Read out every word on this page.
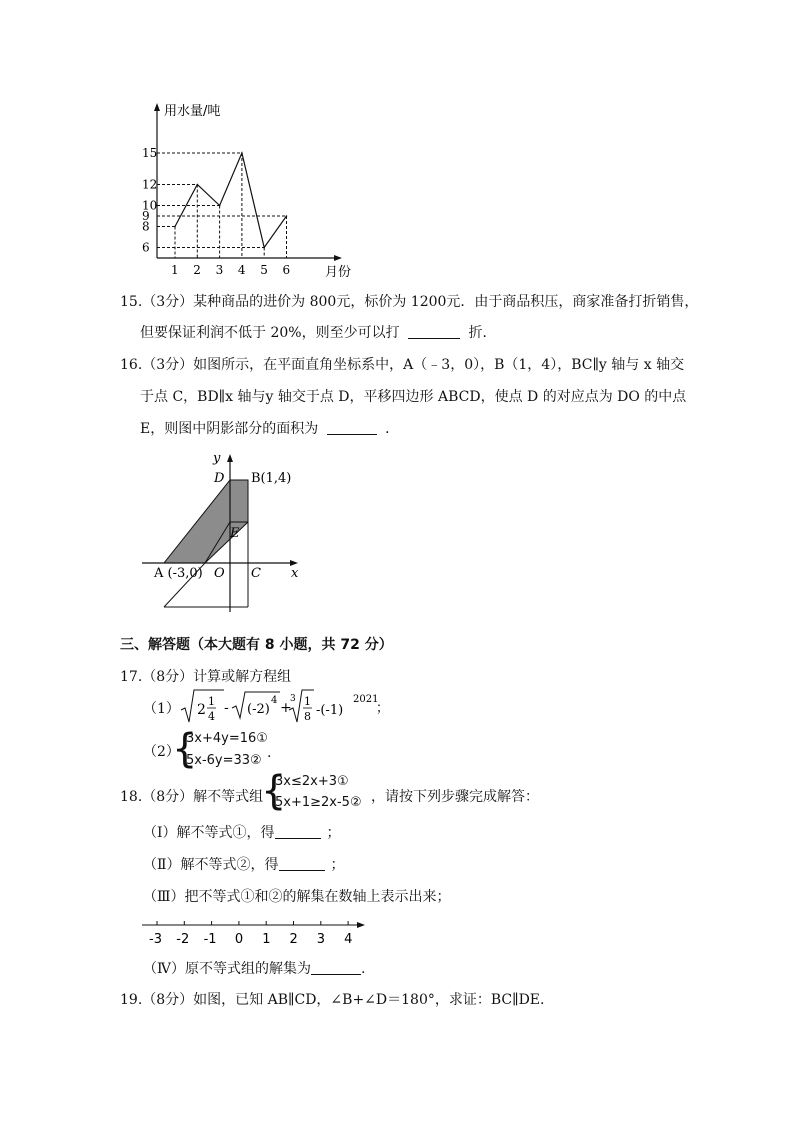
用水量/吨
月份
1 2 3 4 5 6
15
12
10
9
8
6
15.（3分）某种商品的进价为 800元，标价为 1200元．由于商品积压，商家准备打折销售，
但要保证利润不低于 20%，则至少可以打	折．
16.（3分）如图所示，在平面直角坐标系中，A（﹣3，0），B（1，4），BC∥y 轴与 x 轴交
于点 C，BD∥x 轴与y 轴交于点 D，平移四边形 ABCD，使点 D 的对应点为 DO 的中点
E，则图中阴影部分的面积为	．
y
x
D B(1,4)
E
A (-3,0) O C
三、解答题（本大题有 8 小题，共 72 分）
17.（8分）计算或解方程组
（1） 2
1
4
- (-2)
4 +
3 1
8 -(-1)
2021
；
（2）
{
3x+4y=16①
5x-6y=33② .
18.（8分）解不等式组
{
3x≤2x+3①
5x+1≥2x-5② ，请按下列步骤完成解答：
（Ⅰ）解不等式①，得	；
（Ⅱ）解不等式②，得	；
（Ⅲ）把不等式①和②的解集在数轴上表示出来；
-3 -2 -1 0 1 2 3 4
（Ⅳ）原不等式组的解集为	.
19.（8分）如图，已知 AB∥CD，∠B+∠D＝180°，求证：BC∥DE.
